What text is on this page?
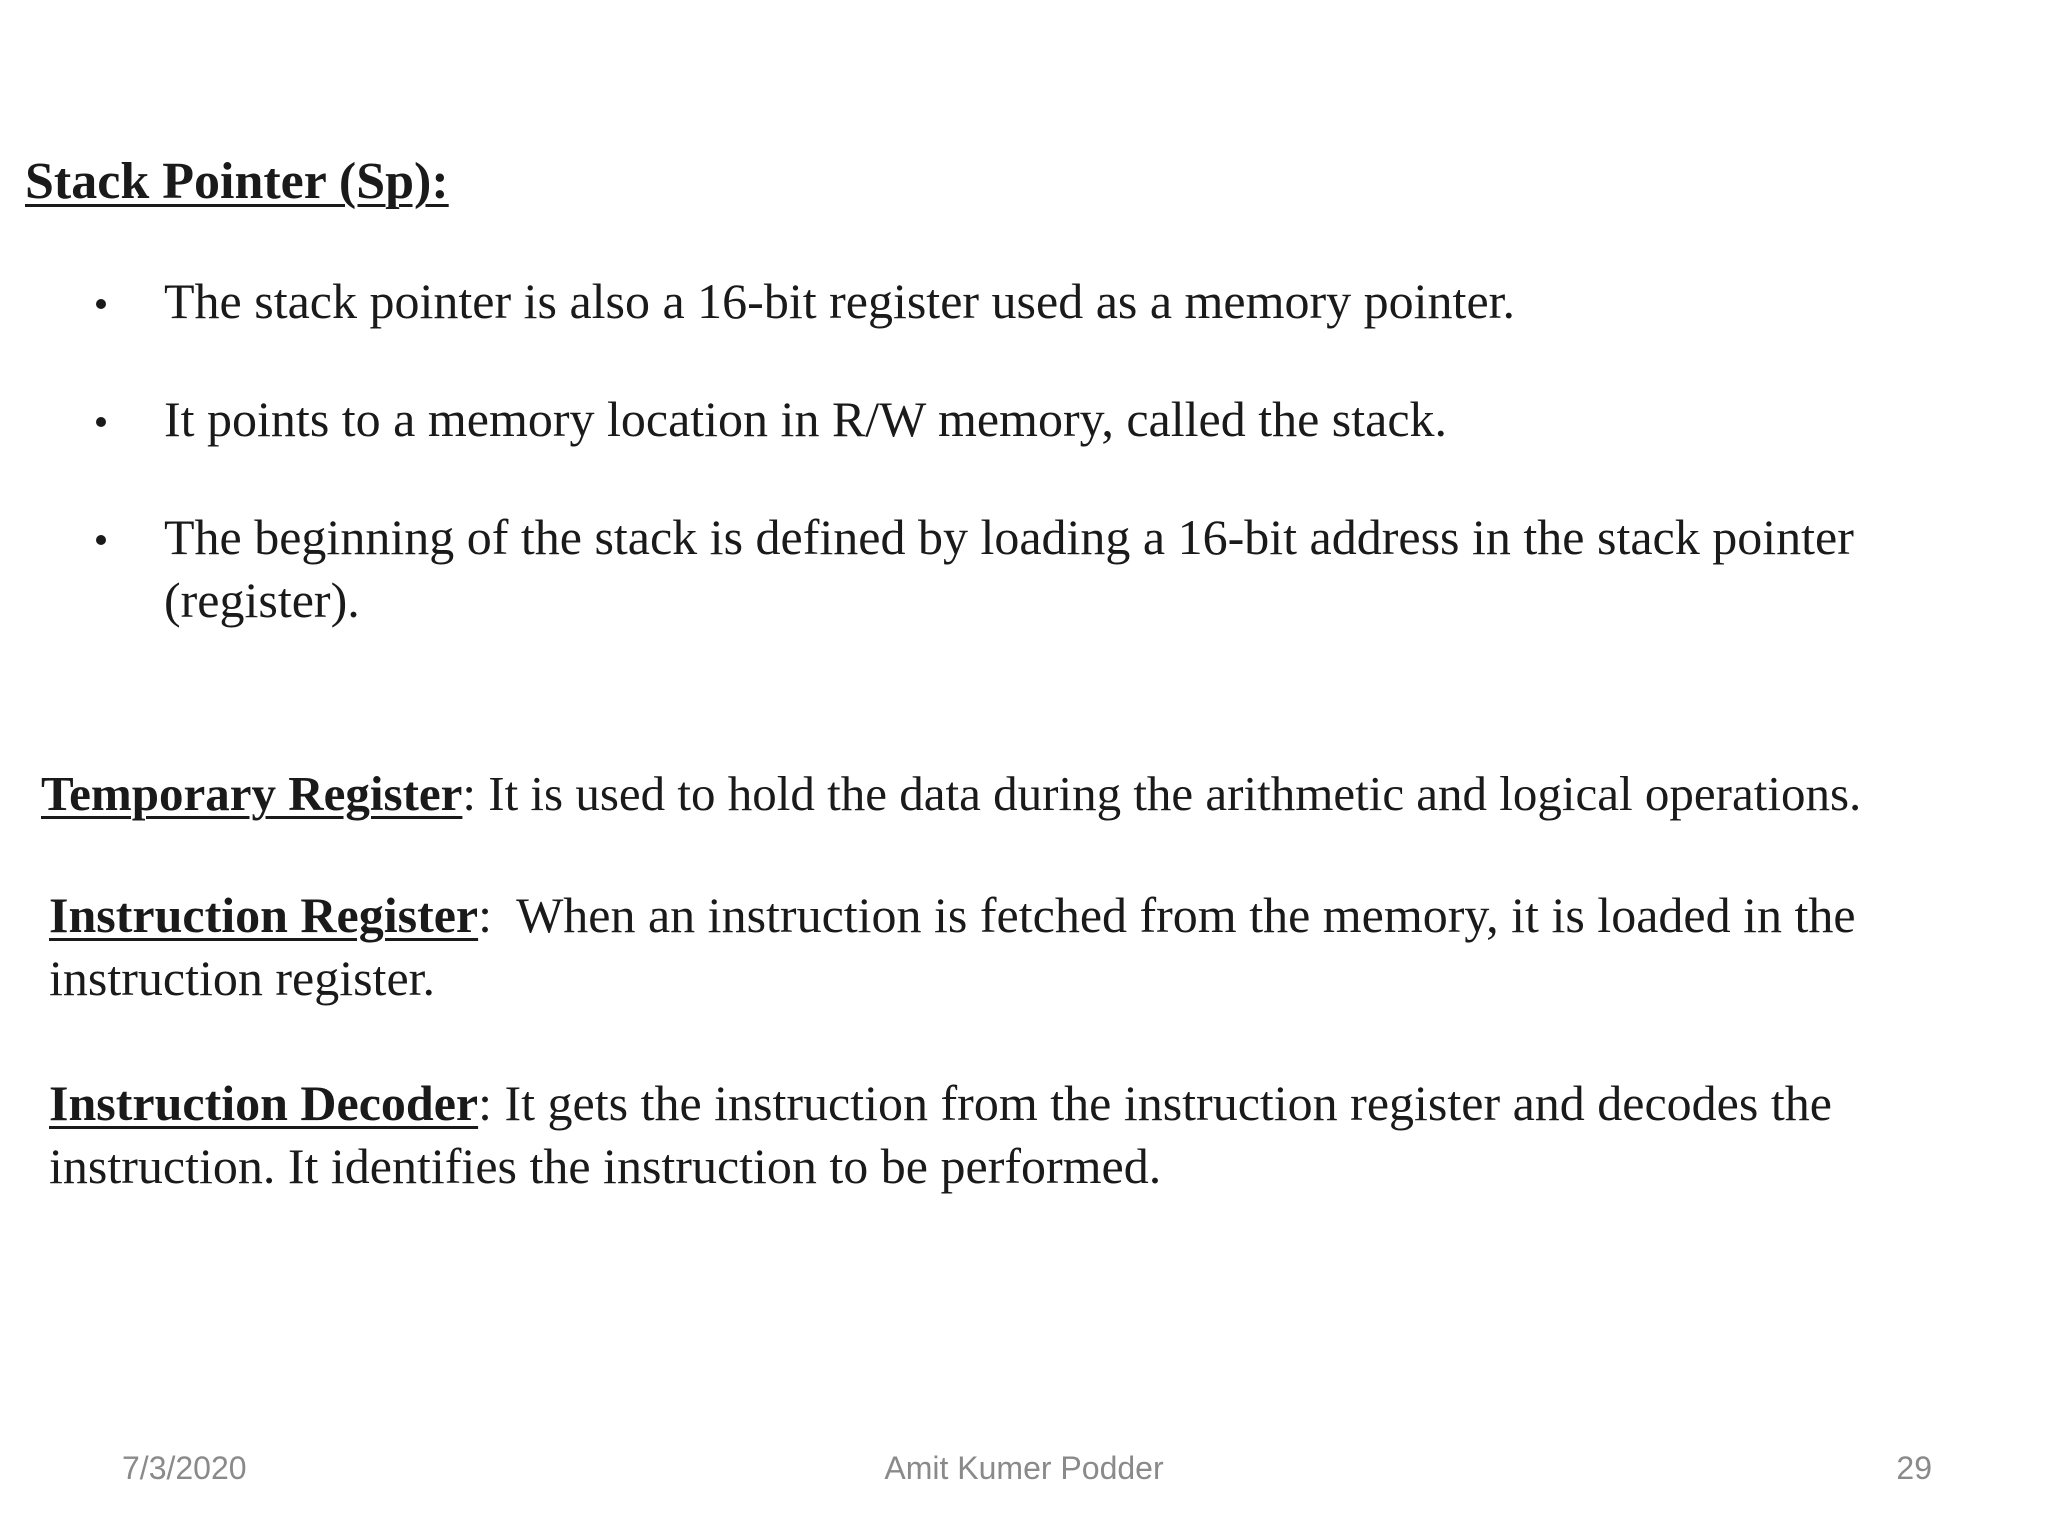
Stack Pointer (Sp):
The stack pointer is also a 16-bit register used as a memory pointer.
It points to a memory location in R/W memory, called the stack.
The beginning of the stack is defined by loading a 16-bit address in the stack pointer (register).
Temporary Register: It is used to hold the data during the arithmetic and logical operations.
Instruction Register:  When an instruction is fetched from the memory, it is loaded in the instruction register.
Instruction Decoder: It gets the instruction from the instruction register and decodes the instruction. It identifies the instruction to be performed.
7/3/2020	Amit Kumer Podder	29
